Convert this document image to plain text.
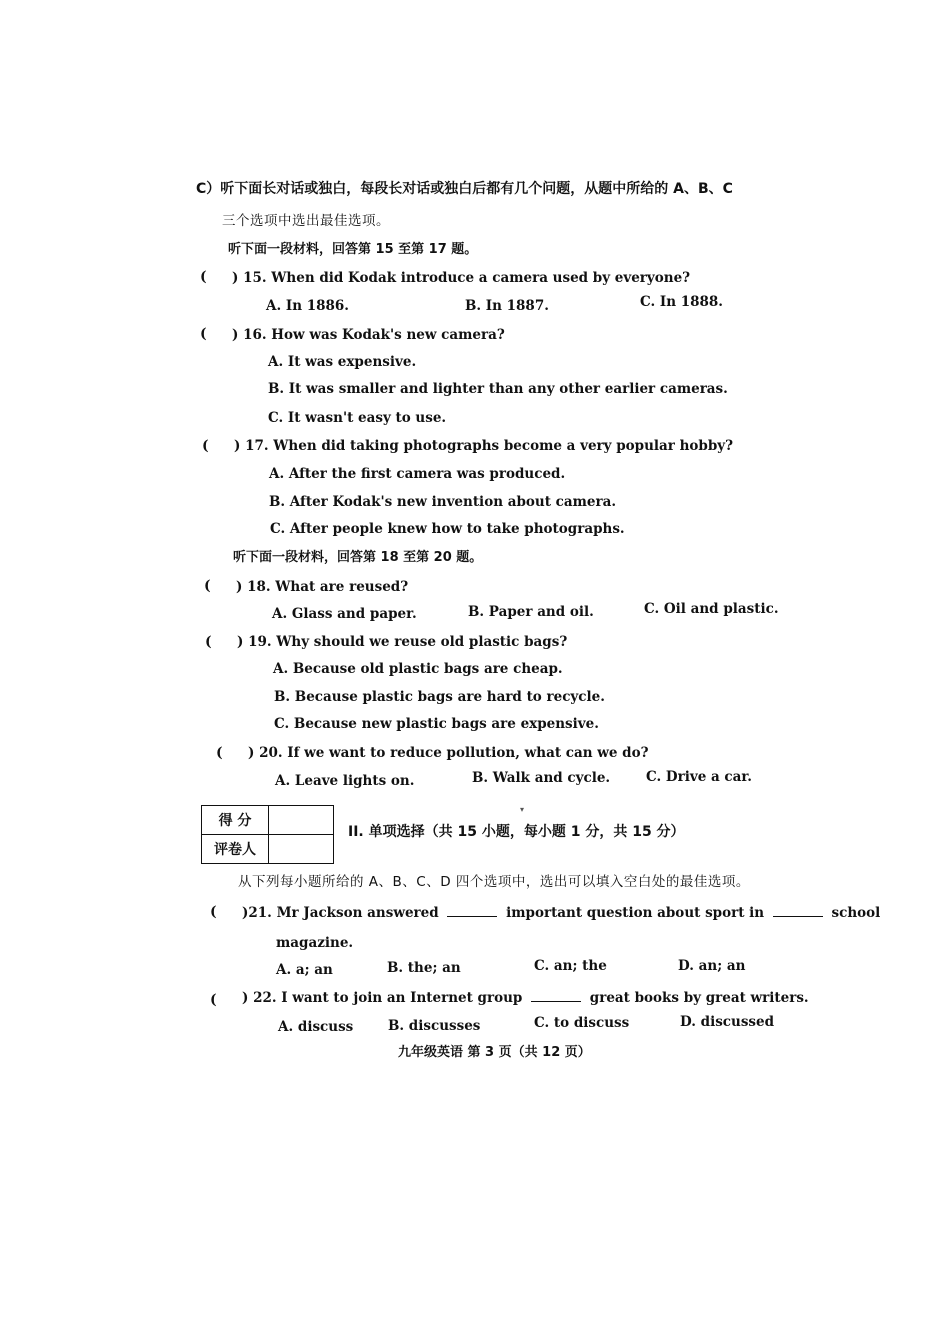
C）听下面长对话或独白，每段长对话或独白后都有几个问题，从题中所给的 A、B、C
三个选项中选出最佳选项。
听下面一段材料，回答第 15 至第 17 题。
( ) 15. When did Kodak introduce a camera used by everyone?
A. In 1886.	B. In 1887.	C. In 1888.
( ) 16. How was Kodak's new camera?
A. It was expensive.
B. It was smaller and lighter than any other earlier cameras.
C. It wasn't easy to use.
( ) 17. When did taking photographs become a very popular hobby?
A. After the first camera was produced.
B. After Kodak's new invention about camera.
C. After people knew how to take photographs.
听下面一段材料，回答第 18 至第 20 题。
( ) 18. What are reused?
A. Glass and paper.	B. Paper and oil.	C. Oil and plastic.
( ) 19. Why should we reuse old plastic bags?
A. Because old plastic bags are cheap.
B. Because plastic bags are hard to recycle.
C. Because new plastic bags are expensive.
( ) 20. If we want to reduce pollution, what can we do?
A. Leave lights on.	B. Walk and cycle.	C. Drive a car.
得 分	
评卷人	
▾
II. 单项选择（共 15 小题，每小题 1 分，共 15 分）
从下列每小题所给的 A、B、C、D 四个选项中，选出可以填入空白处的最佳选项。
( )21. Mr Jackson answered	important question about sport in	school
magazine.
A. a; an	B. the; an	C. an; the	D. an; an
( ) 22. I want to join an Internet group	great books by great writers.
A. discuss	B. discusses	C. to discuss	D. discussed
九年级英语 第 3 页（共 12 页）
